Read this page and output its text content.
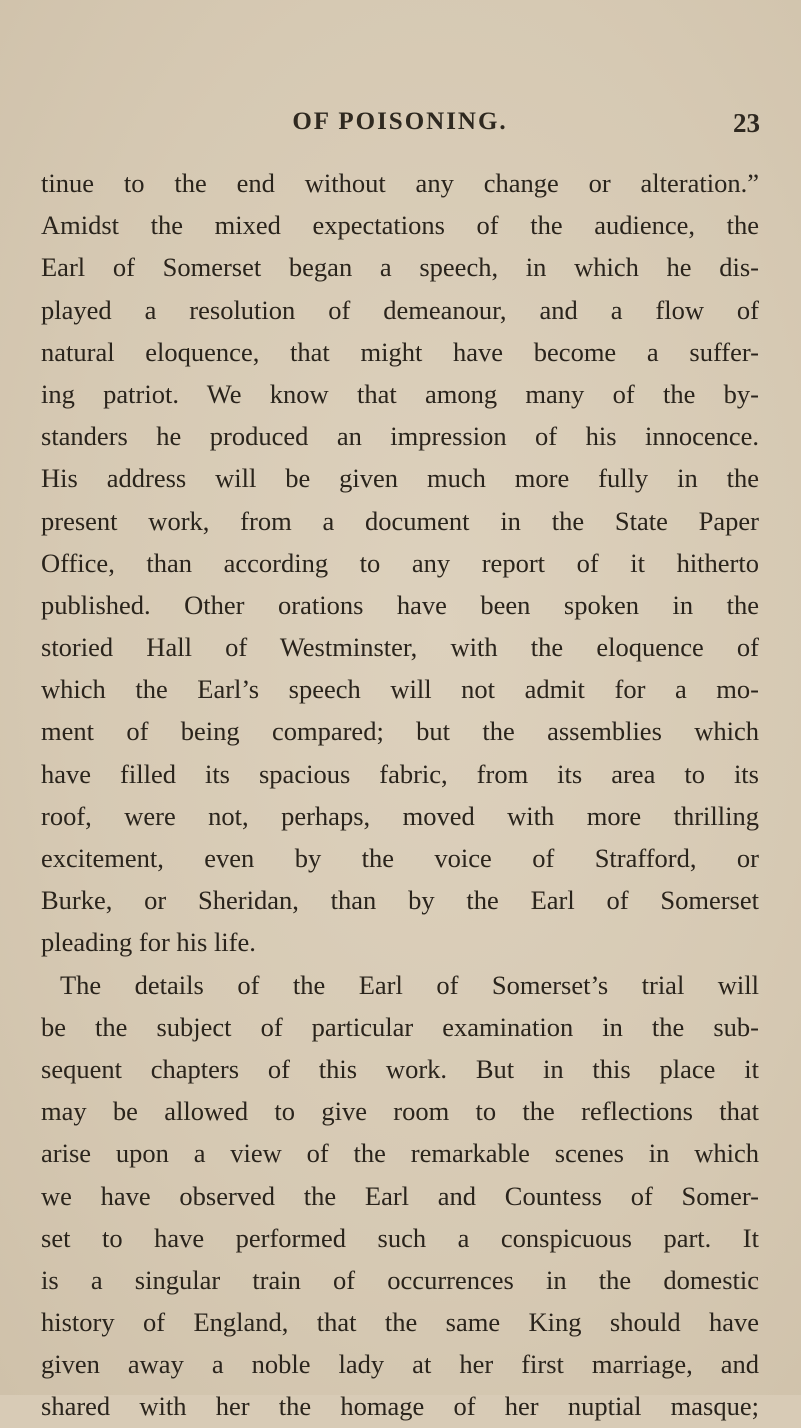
OF POISONING.	23
tinue to the end without any change or alteration.”
Amidst the mixed expectations of the audience, the
Earl of Somerset began a speech, in which he dis-
played a resolution of demeanour, and a flow of
natural eloquence, that might have become a suffer-
ing patriot. We know that among many of the by-
standers he produced an impression of his innocence.
His address will be given much more fully in the
present work, from a document in the State Paper
Office, than according to any report of it hitherto
published. Other orations have been spoken in the
storied Hall of Westminster, with the eloquence of
which the Earl’s speech will not admit for a mo-
ment of being compared; but the assemblies which
have filled its spacious fabric, from its area to its
roof, were not, perhaps, moved with more thrilling
excitement, even by the voice of Strafford, or
Burke, or Sheridan, than by the Earl of Somerset
pleading for his life.
The details of the Earl of Somerset’s trial will
be the subject of particular examination in the sub-
sequent chapters of this work. But in this place it
may be allowed to give room to the reflections that
arise upon a view of the remarkable scenes in which
we have observed the Earl and Countess of Somer-
set to have performed such a conspicuous part. It
is a singular train of occurrences in the domestic
history of England, that the same King should have
given away a noble lady at her first marriage, and
shared with her the homage of her nuptial masque;
